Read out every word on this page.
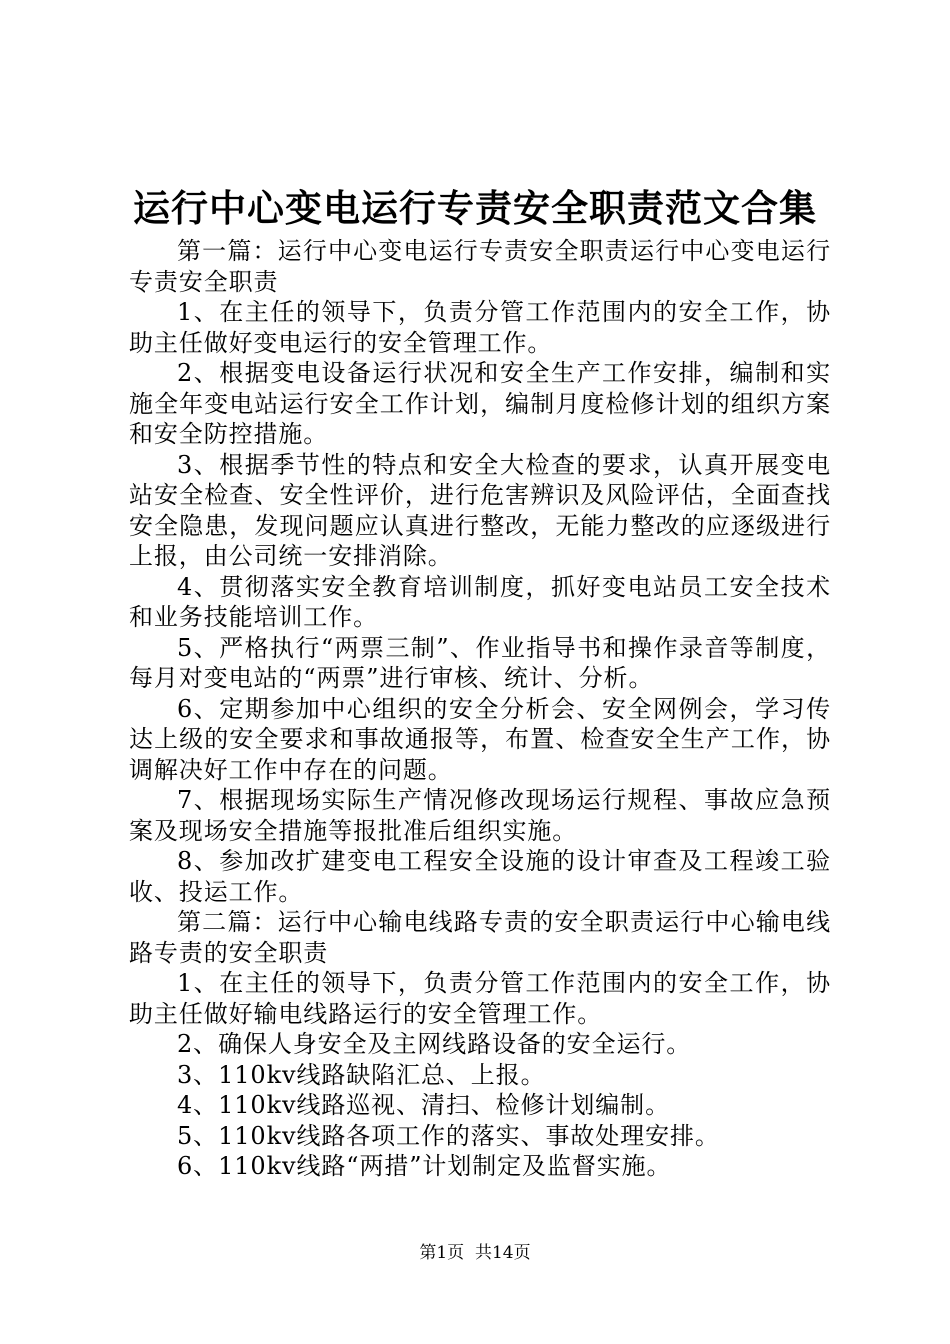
运行中心变电运行专责安全职责范文合集

第一篇：运行中心变电运行专责安全职责运行中心变电运行专责安全职责

1、在主任的领导下，负责分管工作范围内的安全工作，协助主任做好变电运行的安全管理工作。

2、根据变电设备运行状况和安全生产工作安排，编制和实施全年变电站运行安全工作计划，编制月度检修计划的组织方案和安全防控措施。

3、根据季节性的特点和安全大检查的要求，认真开展变电站安全检查、安全性评价，进行危害辨识及风险评估，全面查找安全隐患，发现问题应认真进行整改，无能力整改的应逐级进行上报，由公司统一安排消除。

4、贯彻落实安全教育培训制度，抓好变电站员工安全技术和业务技能培训工作。

5、严格执行“两票三制”、作业指导书和操作录音等制度，每月对变电站的“两票”进行审核、统计、分析。

6、定期参加中心组织的安全分析会、安全网例会，学习传达上级的安全要求和事故通报等，布置、检查安全生产工作，协调解决好工作中存在的问题。

7、根据现场实际生产情况修改现场运行规程、事故应急预案及现场安全措施等报批准后组织实施。

8、参加改扩建变电工程安全设施的设计审查及工程竣工验收、投运工作。

第二篇：运行中心输电线路专责的安全职责运行中心输电线路专责的安全职责

1、在主任的领导下，负责分管工作范围内的安全工作，协助主任做好输电线路运行的安全管理工作。

2、确保人身安全及主网线路设备的安全运行。

3、110kv线路缺陷汇总、上报。

4、110kv线路巡视、清扫、检修计划编制。

5、110kv线路各项工作的落实、事故处理安排。

6、110kv线路“两措”计划制定及监督实施。

第1页  共14页
